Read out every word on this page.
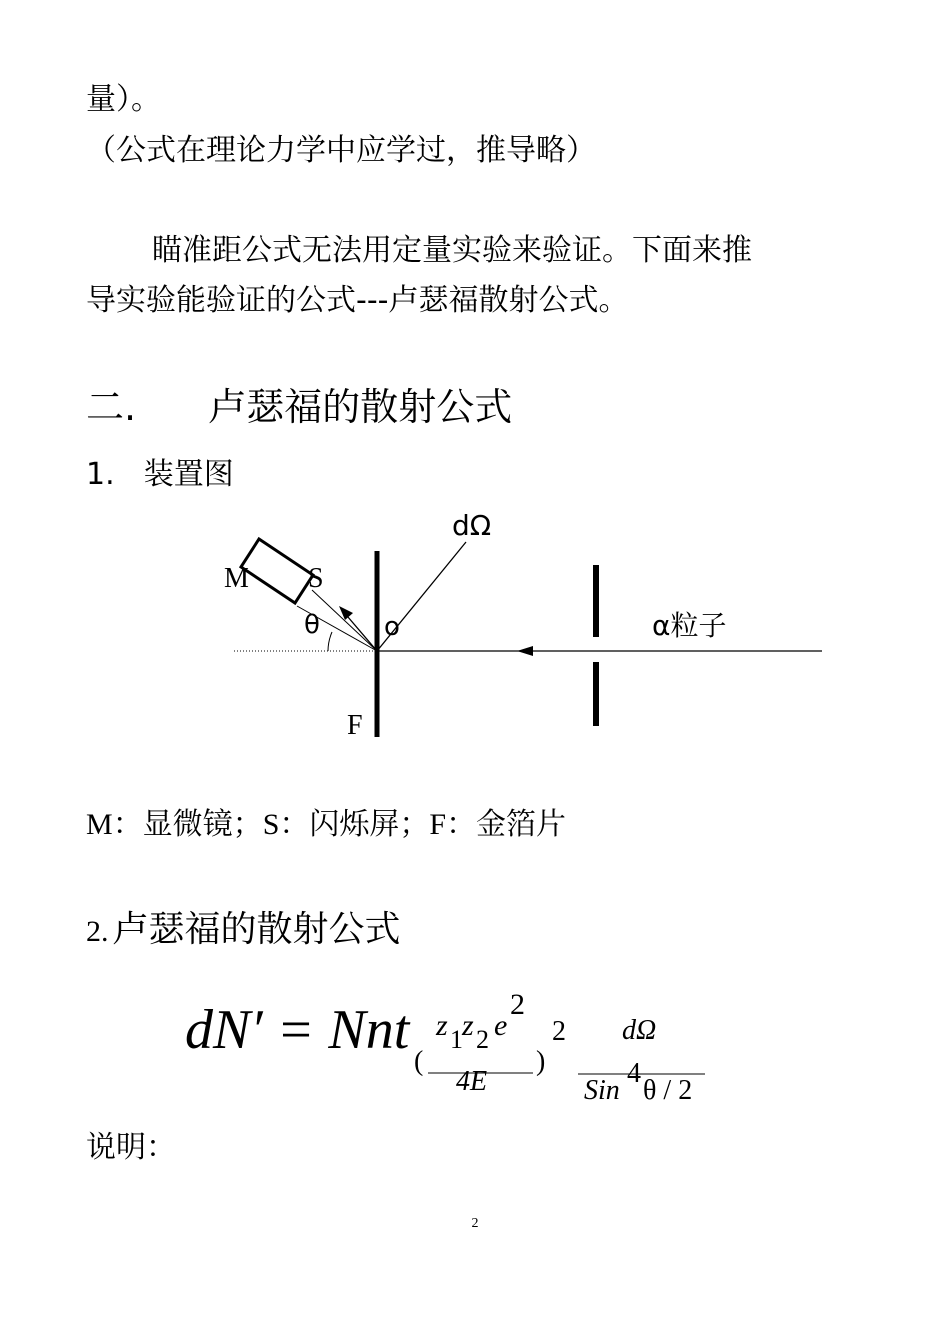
量）。
（公式在理论力学中应学过，推导略）
瞄准距公式无法用定量实验来验证。下面来推
导实验能验证的公式---卢瑟福散射公式。
二. 卢瑟福的散射公式
1. 装置图
M S
θ o
dΩ
F
α粒子
M：显微镜；S：闪烁屏；F：金箔片
2. 卢瑟福的散射公式
dN′ = Nnt
(
z 1 z 2 e
2
4E
)
2 dΩ
Sin
4
θ / 2
说明：
2
